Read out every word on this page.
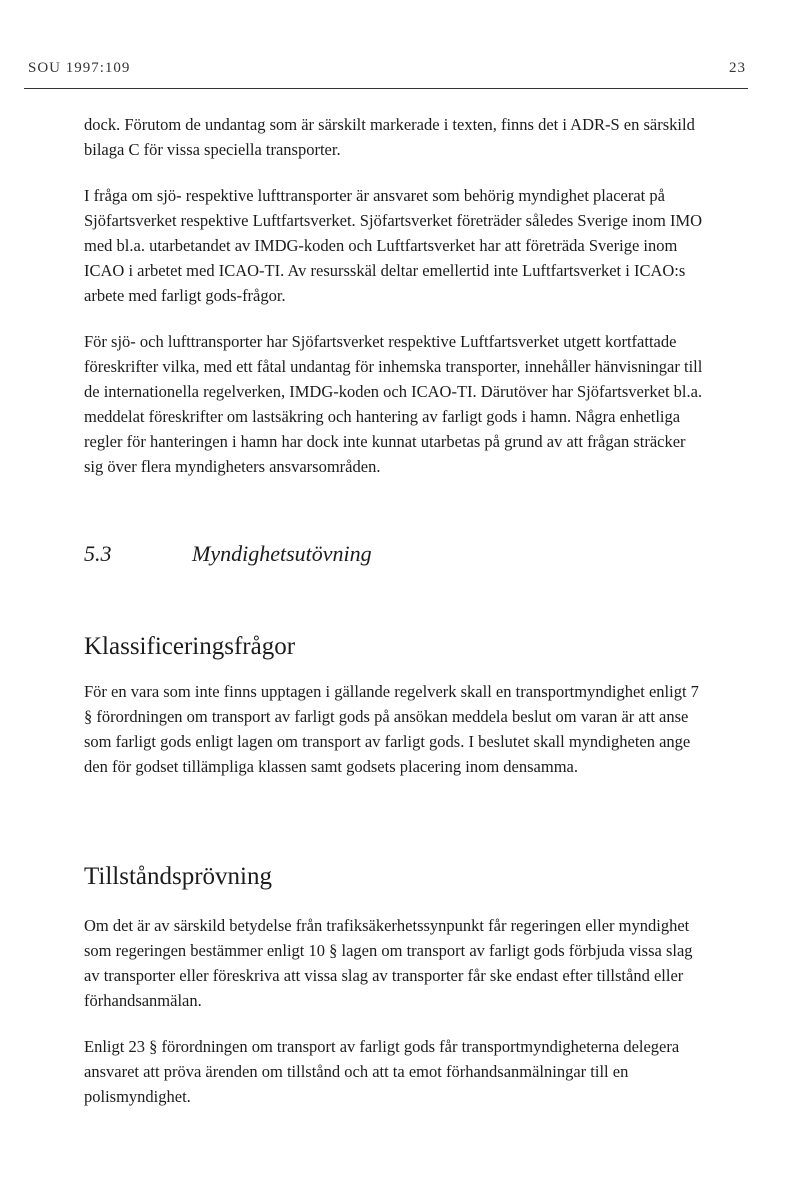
SOU 1997:109	23

dock. Förutom de undantag som är särskilt markerade i texten, finns det i ADR-S en särskild bilaga C för vissa speciella transporter.

I fråga om sjö- respektive lufttransporter är ansvaret som behörig myndighet placerat på Sjöfartsverket respektive Luftfartsverket. Sjöfartsverket företräder således Sverige inom IMO med bl.a. utarbetandet av IMDG-koden och Luftfartsverket har att företräda Sverige inom ICAO i arbetet med ICAO-TI. Av resursskäl deltar emellertid inte Luftfartsverket i ICAO:s arbete med farligt gods-frågor.

För sjö- och lufttransporter har Sjöfartsverket respektive Luftfartsverket utgett kortfattade föreskrifter vilka, med ett fåtal undantag för inhemska transporter, innehåller hänvisningar till de internationella regelverken, IMDG-koden och ICAO-TI. Därutöver har Sjöfartsverket bl.a. meddelat föreskrifter om lastsäkring och hantering av farligt gods i hamn. Några enhetliga regler för hanteringen i hamn har dock inte kunnat utarbetas på grund av att frågan sträcker sig över flera myndigheters ansvarsområden.

5.3	Myndighetsutövning
Klassificeringsfrågor

För en vara som inte finns upptagen i gällande regelverk skall en transportmyndighet enligt 7 § förordningen om transport av farligt gods på ansökan meddela beslut om varan är att anse som farligt gods enligt lagen om transport av farligt gods. I beslutet skall myndigheten ange den för godset tillämpliga klassen samt godsets placering inom densamma.

Tillståndsprövning

Om det är av särskild betydelse från trafiksäkerhetssynpunkt får regeringen eller myndighet som regeringen bestämmer enligt 10 § lagen om transport av farligt gods förbjuda vissa slag av transporter eller föreskriva att vissa slag av transporter får ske endast efter tillstånd eller förhandsanmälan.

Enligt 23 § förordningen om transport av farligt gods får transportmyndigheterna delegera ansvaret att pröva ärenden om tillstånd och att ta emot förhandsanmälningar till en polismyndighet.
